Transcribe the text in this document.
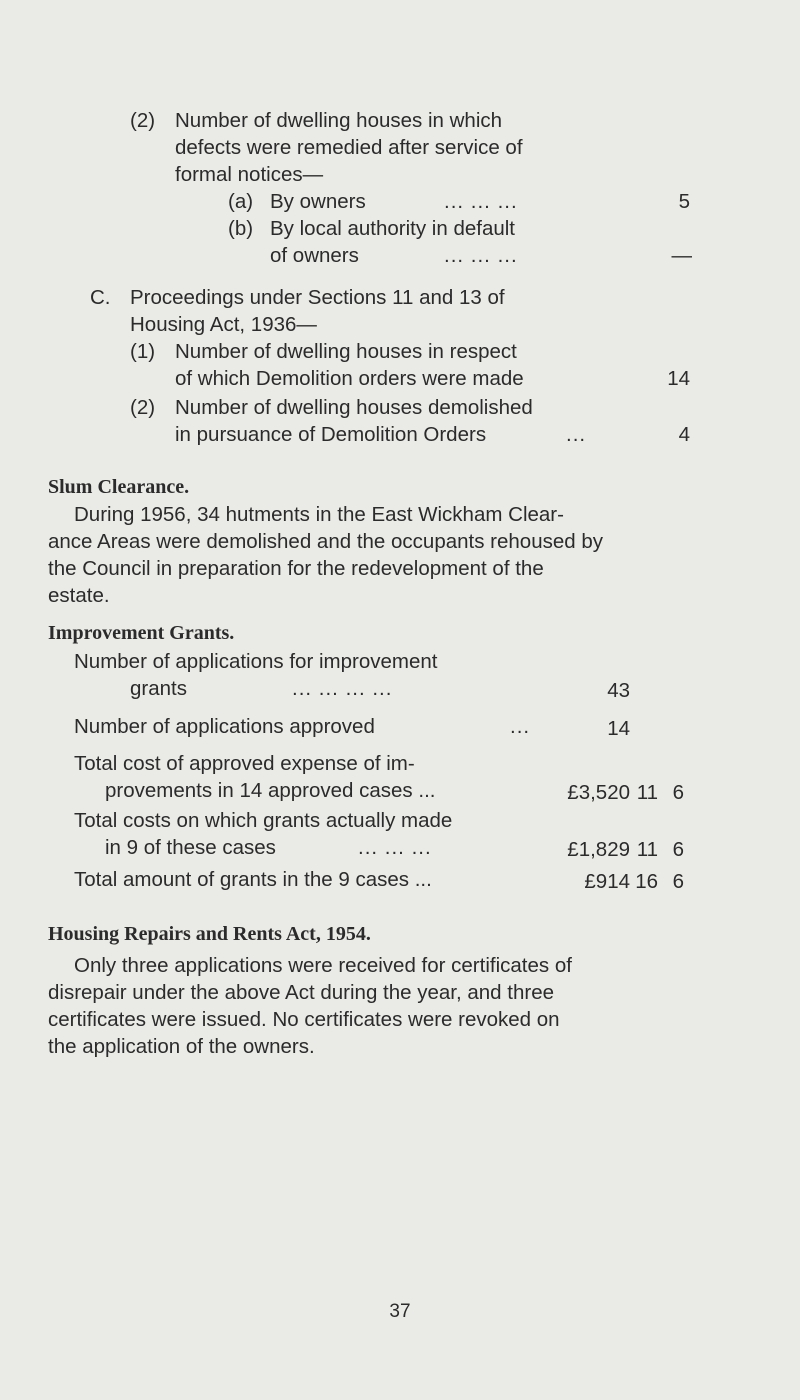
(2) Number of dwelling houses in which
defects were remedied after service of
formal notices—
(a) By owners	... ... ...	5
(b) By local authority in default
of owners	... ... ...	—
C. Proceedings under Sections 11 and 13 of
Housing Act, 1936—
(1) Number of dwelling houses in respect
of which Demolition orders were made	14
(2) Number of dwelling houses demolished
in pursuance of Demolition Orders	...	4
Slum Clearance.
During 1956, 34 hutments in the East Wickham Clear-
ance Areas were demolished and the occupants rehoused by
the Council in preparation for the redevelopment of the
estate.
Improvement Grants.
Number of applications for improvement
grants	... ... ... ...	43
Number of applications approved	...	14
Total cost of approved expense of im-
provements in 14 approved cases ...	£3,520 11 6
Total costs on which grants actually made
in 9 of these cases	... ... ...	£1,829 11 6
Total amount of grants in the 9 cases ...	£914 16 6
Housing Repairs and Rents Act, 1954.
Only three applications were received for certificates of
disrepair under the above Act during the year, and three
certificates were issued. No certificates were revoked on
the application of the owners.
37
